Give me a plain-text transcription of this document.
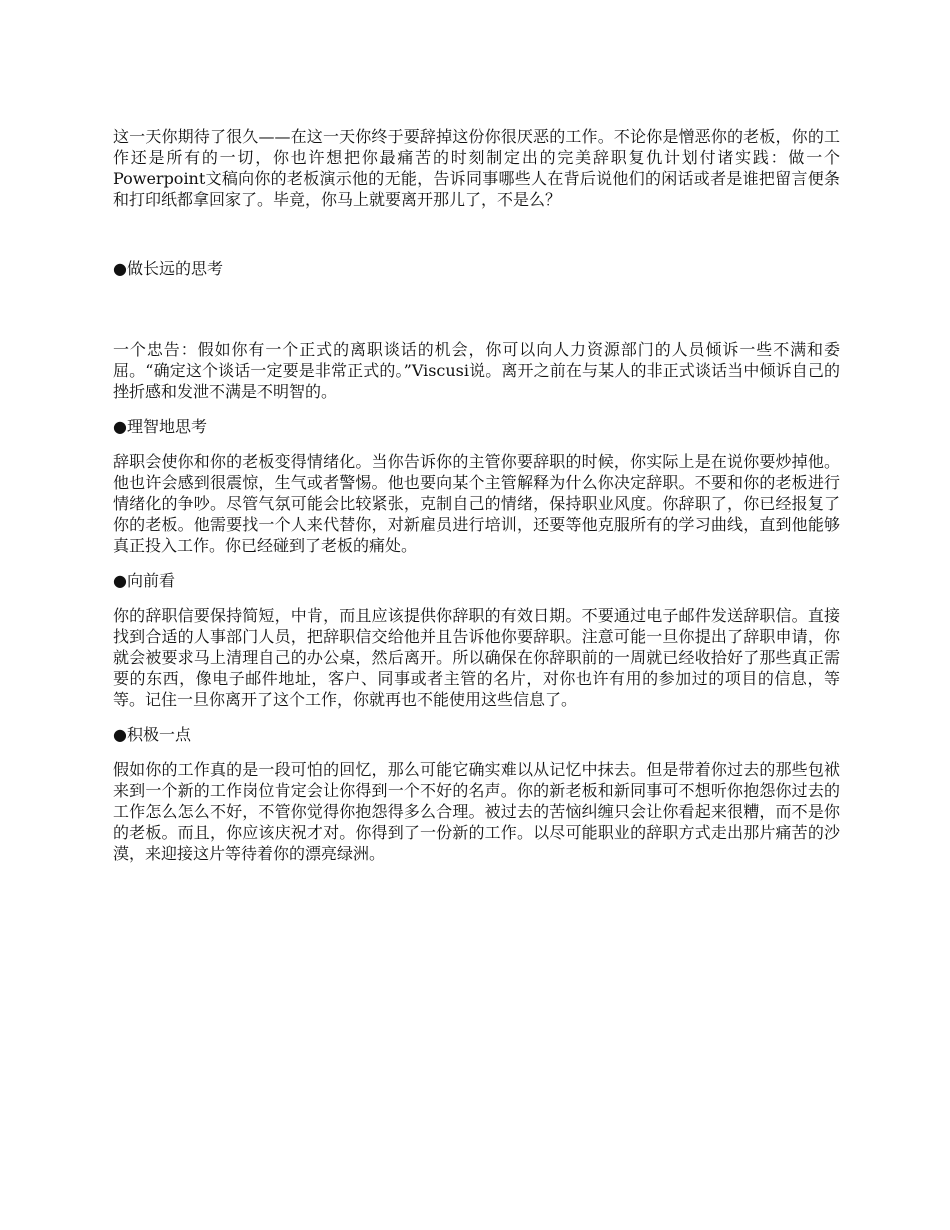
这一天你期待了很久——在这一天你终于要辞掉这份你很厌恶的工作。不论你是憎恶你的老板，你的工作还是所有的一切，你也许想把你最痛苦的时刻制定出的完美辞职复仇计划付诸实践：做一个Powerpoint文稿向你的老板演示他的无能，告诉同事哪些人在背后说他们的闲话或者是谁把留言便条和打印纸都拿回家了。毕竟，你马上就要离开那儿了，不是么？

●做长远的思考

一个忠告：假如你有一个正式的离职谈话的机会，你可以向人力资源部门的人员倾诉一些不满和委屈。“确定这个谈话一定要是非常正式的。”Viscusi说。离开之前在与某人的非正式谈话当中倾诉自己的挫折感和发泄不满是不明智的。

●理智地思考

辞职会使你和你的老板变得情绪化。当你告诉你的主管你要辞职的时候，你实际上是在说你要炒掉他。他也许会感到很震惊，生气或者警惕。他也要向某个主管解释为什么你决定辞职。不要和你的老板进行情绪化的争吵。尽管气氛可能会比较紧张，克制自己的情绪，保持职业风度。你辞职了，你已经报复了你的老板。他需要找一个人来代替你，对新雇员进行培训，还要等他克服所有的学习曲线，直到他能够真正投入工作。你已经碰到了老板的痛处。

●向前看

你的辞职信要保持简短，中肯，而且应该提供你辞职的有效日期。不要通过电子邮件发送辞职信。直接找到合适的人事部门人员，把辞职信交给他并且告诉他你要辞职。注意可能一旦你提出了辞职申请，你就会被要求马上清理自己的办公桌，然后离开。所以确保在你辞职前的一周就已经收拾好了那些真正需要的东西，像电子邮件地址，客户、同事或者主管的名片，对你也许有用的参加过的项目的信息，等等。记住一旦你离开了这个工作，你就再也不能使用这些信息了。

●积极一点

假如你的工作真的是一段可怕的回忆，那么可能它确实难以从记忆中抹去。但是带着你过去的那些包袱来到一个新的工作岗位肯定会让你得到一个不好的名声。你的新老板和新同事可不想听你抱怨你过去的工作怎么怎么不好，不管你觉得你抱怨得多么合理。被过去的苦恼纠缠只会让你看起来很糟，而不是你的老板。而且，你应该庆祝才对。你得到了一份新的工作。以尽可能职业的辞职方式走出那片痛苦的沙漠，来迎接这片等待着你的漂亮绿洲。
